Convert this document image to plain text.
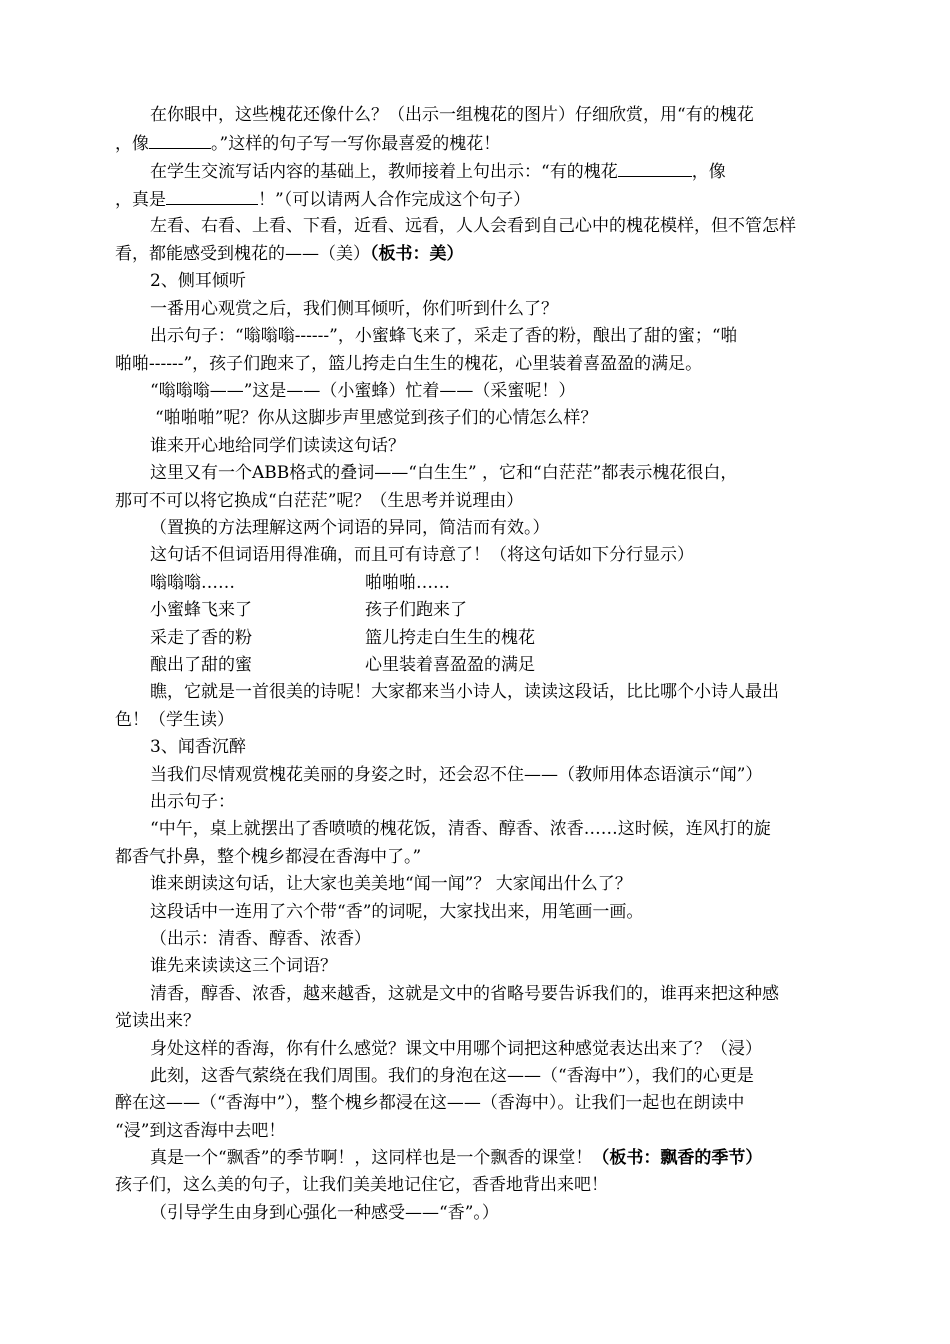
在你眼中，这些槐花还像什么？（出示一组槐花的图片）仔细欣赏，用“有的槐花
，像	。”这样的句子写一写你最喜爱的槐花！
在学生交流写话内容的基础上，教师接着上句出示：“有的槐花	，像
，真是	！”（可以请两人合作完成这个句子）
左看、右看、上看、下看，近看、远看，人人会看到自己心中的槐花模样，但不管怎样
看，都能感受到槐花的——（美）（板书：美）
2、侧耳倾听
一番用心观赏之后，我们侧耳倾听，你们听到什么了？
出示句子：“嗡嗡嗡------”，小蜜蜂飞来了，采走了香的粉，酿出了甜的蜜；“啪
啪啪------”，孩子们跑来了，篮儿挎走白生生的槐花，心里装着喜盈盈的满足。
“嗡嗡嗡——”这是——（小蜜蜂）忙着——（采蜜呢！）
“啪啪啪”呢？你从这脚步声里感觉到孩子们的心情怎么样？
谁来开心地给同学们读读这句话？
这里又有一个ABB格式的叠词——“白生生” ，它和“白茫茫”都表示槐花很白，
那可不可以将它换成“白茫茫”呢？（生思考并说理由）
（置换的方法理解这两个词语的异同，简洁而有效。）
这句话不但词语用得准确，而且可有诗意了！（将这句话如下分行显示）
嗡嗡嗡……	啪啪啪……
小蜜蜂飞来了	孩子们跑来了
采走了香的粉	篮儿挎走白生生的槐花
酿出了甜的蜜	心里装着喜盈盈的满足
瞧，它就是一首很美的诗呢！大家都来当小诗人，读读这段话，比比哪个小诗人最出
色！（学生读）
3、闻香沉醉
当我们尽情观赏槐花美丽的身姿之时，还会忍不住——（教师用体态语演示“闻”）
出示句子：
“中午，桌上就摆出了香喷喷的槐花饭，清香、醇香、浓香……这时候，连风打的旋
都香气扑鼻，整个槐乡都浸在香海中了。”
谁来朗读这句话，让大家也美美地“闻一闻”？ 大家闻出什么了？
这段话中一连用了六个带“香”的词呢，大家找出来，用笔画一画。
（出示：清香、醇香、浓香）
谁先来读读这三个词语？
清香，醇香、浓香，越来越香，这就是文中的省略号要告诉我们的，谁再来把这种感
觉读出来？
身处这样的香海，你有什么感觉？课文中用哪个词把这种感觉表达出来了？（浸）
此刻，这香气萦绕在我们周围。我们的身泡在这——（“香海中”），我们的心更是
醉在这——（“香海中”），整个槐乡都浸在这——（香海中）。让我们一起也在朗读中
“浸”到这香海中去吧！
真是一个“飘香”的季节啊！，这同样也是一个飘香的课堂！（板书：飘香的季节）
孩子们，这么美的句子，让我们美美地记住它，香香地背出来吧！
（引导学生由身到心强化一种感受——“香”。）
